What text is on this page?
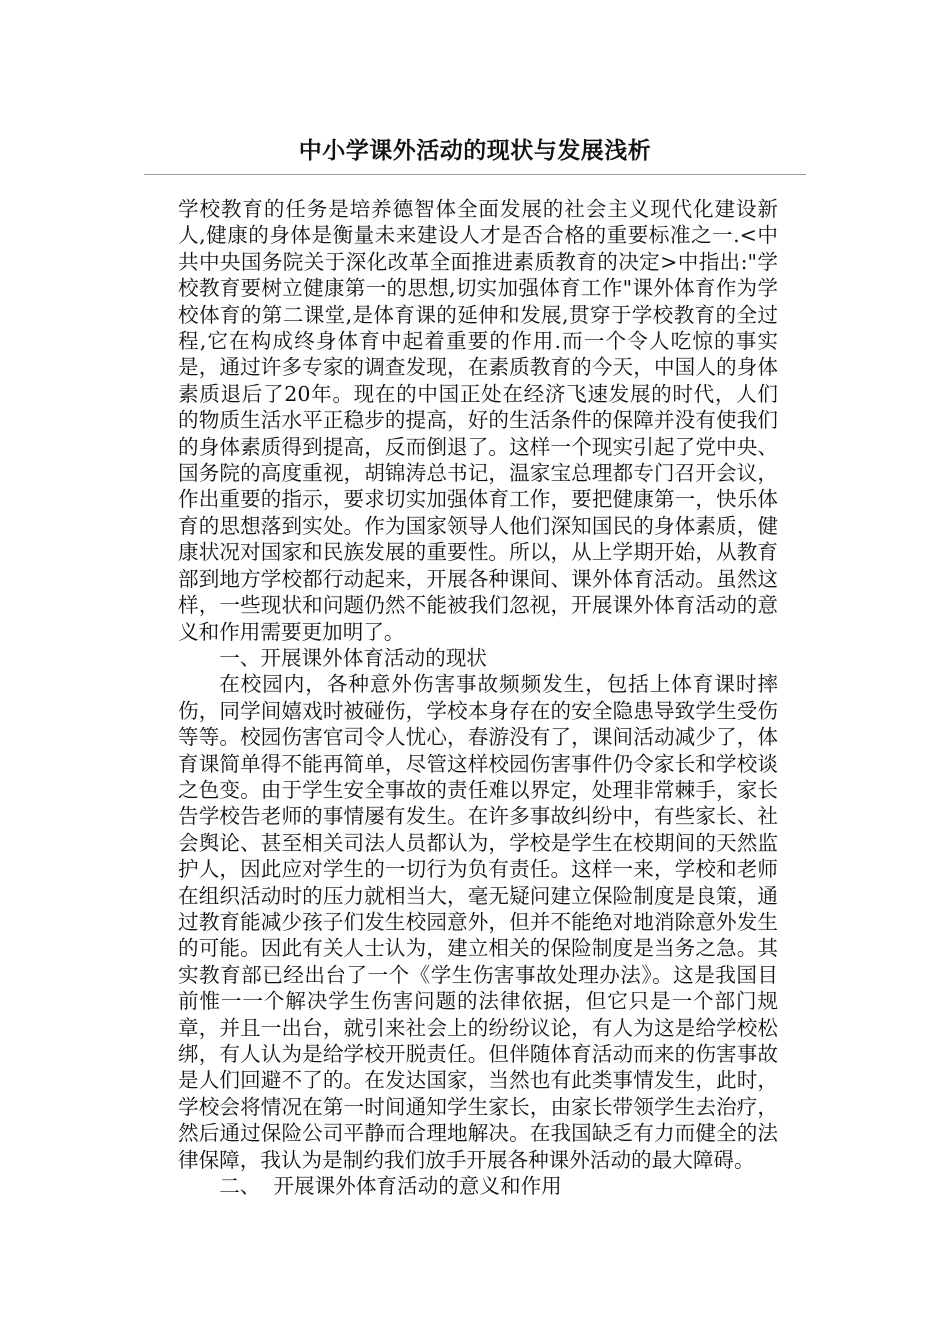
中小学课外活动的现状与发展浅析

学校教育的任务是培养德智体全面发展的社会主义现代化建设新人,健康的身体是衡量未来建设人才是否合格的重要标准之一.<中共中央国务院关于深化改革全面推进素质教育的决定>中指出:"学校教育要树立健康第一的思想,切实加强体育工作"课外体育作为学校体育的第二课堂,是体育课的延伸和发展,贯穿于学校教育的全过程,它在构成终身体育中起着重要的作用.而一个令人吃惊的事实是，通过许多专家的调查发现，在素质教育的今天，中国人的身体素质退后了20年。现在的中国正处在经济飞速发展的时代，人们的物质生活水平正稳步的提高，好的生活条件的保障并没有使我们的身体素质得到提高，反而倒退了。这样一个现实引起了党中央、国务院的高度重视，胡锦涛总书记，温家宝总理都专门召开会议，作出重要的指示，要求切实加强体育工作，要把健康第一，快乐体育的思想落到实处。作为国家领导人他们深知国民的身体素质，健康状况对国家和民族发展的重要性。所以，从上学期开始，从教育部到地方学校都行动起来，开展各种课间、课外体育活动。虽然这样，一些现状和问题仍然不能被我们忽视，开展课外体育活动的意义和作用需要更加明了。

一、开展课外体育活动的现状

在校园内，各种意外伤害事故频频发生，包括上体育课时摔伤，同学间嬉戏时被碰伤，学校本身存在的安全隐患导致学生受伤等等。校园伤害官司令人忧心，春游没有了，课间活动减少了，体育课简单得不能再简单，尽管这样校园伤害事件仍令家长和学校谈之色变。由于学生安全事故的责任难以界定，处理非常棘手，家长告学校告老师的事情屡有发生。在许多事故纠纷中，有些家长、社会舆论、甚至相关司法人员都认为，学校是学生在校期间的天然监护人，因此应对学生的一切行为负有责任。这样一来，学校和老师在组织活动时的压力就相当大，毫无疑问建立保险制度是良策，通过教育能减少孩子们发生校园意外，但并不能绝对地消除意外发生的可能。因此有关人士认为，建立相关的保险制度是当务之急。其实教育部已经出台了一个《学生伤害事故处理办法》。这是我国目前惟一一个解决学生伤害问题的法律依据，但它只是一个部门规章，并且一出台，就引来社会上的纷纷议论，有人为这是给学校松绑，有人认为是给学校开脱责任。但伴随体育活动而来的伤害事故是人们回避不了的。在发达国家，当然也有此类事情发生，此时，学校会将情况在第一时间通知学生家长，由家长带领学生去治疗，然后通过保险公司平静而合理地解决。在我国缺乏有力而健全的法律保障，我认为是制约我们放手开展各种课外活动的最大障碍。

二、  开展课外体育活动的意义和作用
